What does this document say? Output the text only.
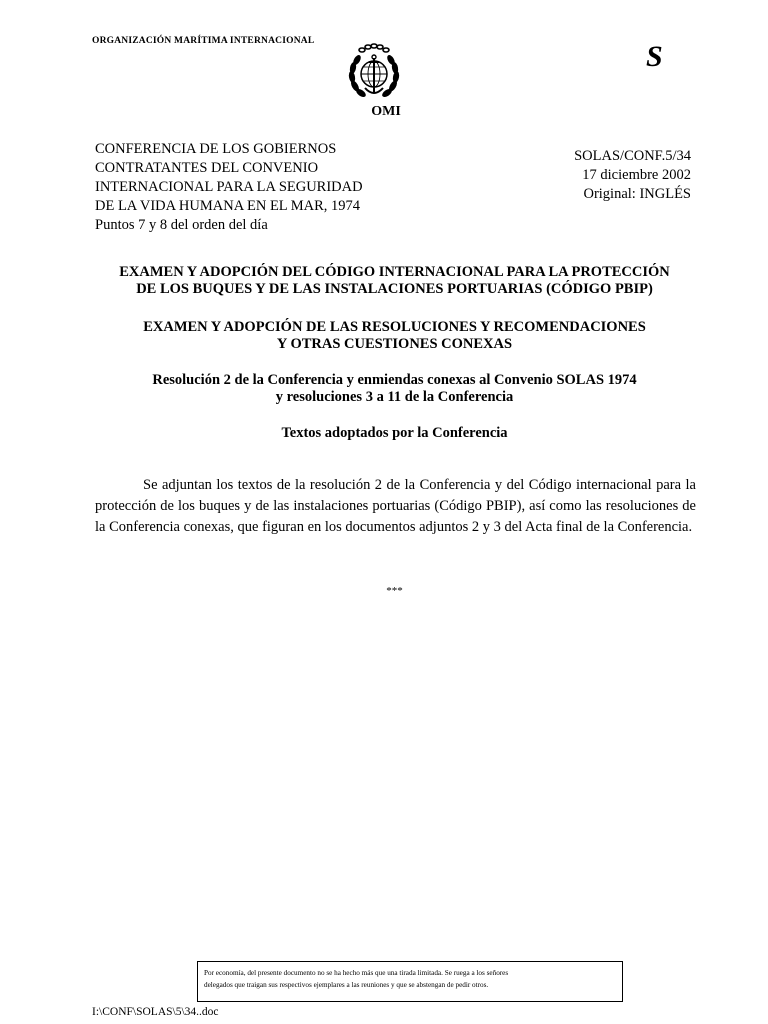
ORGANIZACIÓN MARÍTIMA INTERNACIONAL	S
OMI
CONFERENCIA DE LOS GOBIERNOS
CONTRATANTES DEL CONVENIO
INTERNACIONAL PARA LA SEGURIDAD
DE LA VIDA HUMANA EN EL MAR, 1974
Puntos 7 y 8 del orden del día
SOLAS/CONF.5/34
17 diciembre 2002
Original: INGLÉS
EXAMEN Y ADOPCIÓN DEL CÓDIGO INTERNACIONAL PARA LA PROTECCIÓN
DE LOS BUQUES Y DE LAS INSTALACIONES PORTUARIAS (CÓDIGO PBIP)
EXAMEN Y ADOPCIÓN DE LAS RESOLUCIONES Y RECOMENDACIONES
Y OTRAS CUESTIONES CONEXAS
Resolución 2 de la Conferencia y enmiendas conexas al Convenio SOLAS 1974
y resoluciones 3 a 11 de la Conferencia
Textos adoptados por la Conferencia
Se adjuntan los textos de la resolución 2 de la Conferencia y del Código internacional para la protección de los buques y de las instalaciones portuarias (Código PBIP), así como las resoluciones de la Conferencia conexas, que figuran en los documentos adjuntos 2 y 3 del Acta final de la Conferencia.
***
Por economía, del presente documento no se ha hecho más que una tirada limitada. Se ruega a los señores
delegados que traigan sus respectivos ejemplares a las reuniones y que se abstengan de pedir otros.
I:\CONF\SOLAS\5\34..doc
